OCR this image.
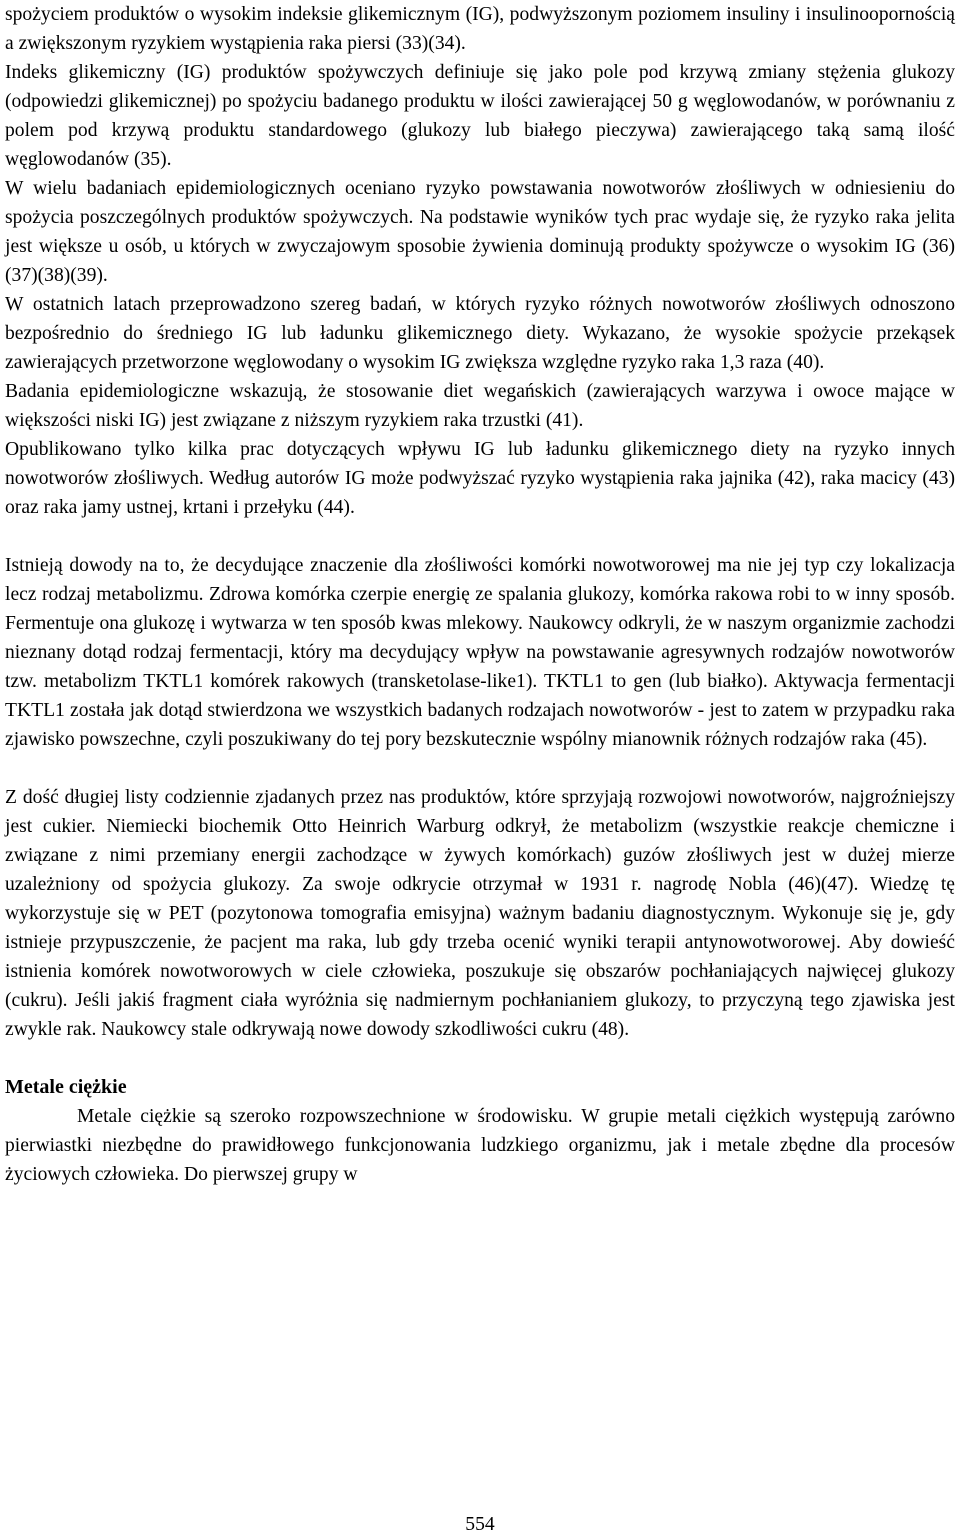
spożyciem produktów o wysokim indeksie glikemicznym (IG), podwyższonym poziomem insuliny i insulinoopornością a zwiększonym ryzykiem wystąpienia raka piersi (33)(34).

Indeks glikemiczny (IG) produktów spożywczych definiuje się jako pole pod krzywą zmiany stężenia glukozy (odpowiedzi glikemicznej) po spożyciu badanego produktu w ilości zawierającej 50 g węglowodanów, w porównaniu z polem pod krzywą produktu standardowego (glukozy lub białego pieczywa) zawierającego taką samą ilość węglowodanów (35).

W wielu badaniach epidemiologicznych oceniano ryzyko powstawania nowotworów złośliwych w odniesieniu do spożycia poszczególnych produktów spożywczych. Na podstawie wyników tych prac wydaje się, że ryzyko raka jelita jest większe u osób, u których w zwyczajowym sposobie żywienia dominują produkty spożywcze o wysokim IG (36)(37)(38)(39).

W ostatnich latach przeprowadzono szereg badań, w których ryzyko różnych nowotworów złośliwych odnoszono bezpośrednio do średniego IG lub ładunku glikemicznego diety. Wykazano, że wysokie spożycie przekąsek zawierających przetworzone węglowodany o wysokim IG zwiększa względne ryzyko raka 1,3 raza (40).

Badania epidemiologiczne wskazują, że stosowanie diet wegańskich (zawierających warzywa i owoce mające w większości niski IG) jest związane z niższym ryzykiem raka trzustki (41).

Opublikowano tylko kilka prac dotyczących wpływu IG lub ładunku glikemicznego diety na ryzyko innych nowotworów złośliwych. Według autorów IG może podwyższać ryzyko wystąpienia raka jajnika (42), raka macicy (43) oraz raka jamy ustnej, krtani i przełyku (44).

Istnieją dowody na to, że decydujące znaczenie dla złośliwości komórki nowotworowej ma nie jej typ czy lokalizacja lecz rodzaj metabolizmu. Zdrowa komórka czerpie energię ze spalania glukozy, komórka rakowa robi to w inny sposób. Fermentuje ona glukozę i wytwarza w ten sposób kwas mlekowy. Naukowcy odkryli, że w naszym organizmie zachodzi nieznany dotąd rodzaj fermentacji, który ma decydujący wpływ na powstawanie agresywnych rodzajów nowotworów tzw. metabolizm TKTL1 komórek rakowych (transketolase-like1). TKTL1 to gen (lub białko). Aktywacja fermentacji TKTL1 została jak dotąd stwierdzona we wszystkich badanych rodzajach nowotworów - jest to zatem w przypadku raka zjawisko powszechne, czyli poszukiwany do tej pory bezskutecznie wspólny mianownik różnych rodzajów raka (45).

Z dość długiej listy codziennie zjadanych przez nas produktów, które sprzyjają rozwojowi nowotworów, najgroźniejszy jest cukier. Niemiecki biochemik Otto Heinrich Warburg odkrył, że metabolizm (wszystkie reakcje chemiczne i związane z nimi przemiany energii zachodzące w żywych komórkach) guzów złośliwych jest w dużej mierze uzależniony od spożycia glukozy. Za swoje odkrycie otrzymał w 1931 r. nagrodę Nobla (46)(47). Wiedzę tę wykorzystuje się w PET (pozytonowa tomografia emisyjna) ważnym badaniu diagnostycznym. Wykonuje się je, gdy istnieje przypuszczenie, że pacjent ma raka, lub gdy trzeba ocenić wyniki terapii antynowotworowej. Aby dowieść istnienia komórek nowotworowych w ciele człowieka, poszukuje się obszarów pochłaniających najwięcej glukozy (cukru). Jeśli jakiś fragment ciała wyróżnia się nadmiernym pochłanianiem glukozy, to przyczyną tego zjawiska jest zwykle rak. Naukowcy stale odkrywają nowe dowody szkodliwości cukru (48).

Metale ciężkie

Metale ciężkie są szeroko rozpowszechnione w środowisku. W grupie metali ciężkich występują zarówno pierwiastki niezbędne do prawidłowego funkcjonowania ludzkiego organizmu, jak i metale zbędne dla procesów życiowych człowieka. Do pierwszej grupy w

554
